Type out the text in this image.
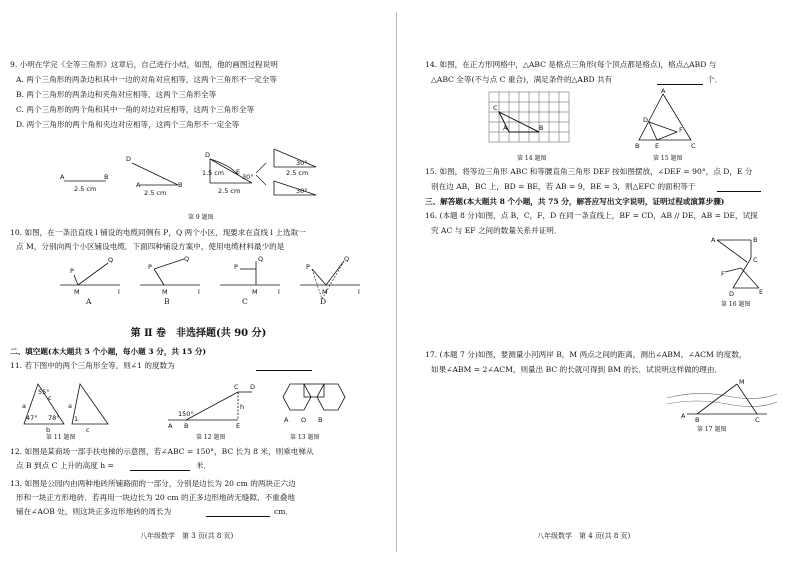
9. 小明在学完《全等三角形》这章后，自己进行小结，如图，他的画图过程说明
A. 两个三角形的两条边和其中一边的对角对应相等，这两个三角形不一定全等
B. 两个三角形的两条边和夹角对应相等，这两个三角形全等
C. 两个三角形的两个角和其中一角的对边对应相等，这两个三角形全等
D. 两个三角形的两个角和夹边对应相等，这两个三角形不一定全等
A	B
2.5 cm
D
A	B
2.5 cm
D
1.5 cm E
2.5 cm
30°	2.5 cm
30°
30°
第 9 题图
10. 如图，在一条沿直线 l 铺设的电缆同侧有 P，Q 两个小区，现要求在直线 l 上选取一
点 M，分别向两个小区铺设电缆．下面四种铺设方案中，使用电缆材料最少的是
P
Q
M	l
P
Q
M	l
P
Q
M	l
P
Q
M	l
A	B	C	D
第 Ⅱ 卷　非选择题(共 90 分)
二、填空题(本大题共 5 个小题，每小题 3 分，共 15 分)
11. 若下图中的两个三角形全等，则∠1 的度数为
a
b
c
55°
47° 78° 1
a
c
第 11 题图
A B
C D
E
h
150°
第 12 题图
A O B
第 13 题图
12. 如图是某商场一部手扶电梯的示意图，若∠ABC = 150°，BC 长为 8 米，则乘电梯从
点 B 到点 C 上升的高度 h =	米．
13. 如图是公园内由两种地砖所铺路面的一部分，分别是边长为 20 cm 的两块正六边
形和一块正方形地砖．若再用一块边长为 20 cm 的正多边形地砖无缝隙、不重叠地
铺在∠AOB 处，则这块正多边形地砖的周长为	cm．
八年级数学　第 3 页(共 8 页)
14. 如图，在正方形网格中，△ABC 是格点三角形(每个顶点都是格点)，格点△ABD 与
△ABC 全等(不与点 C 重合)，满足条件的△ABD 共有	个．
C
A	B
第 14 题图
A
B	C
D
E
F
第 15 题图
15. 如图，将等边三角形 ABC 和等腰直角三角形 DEF 按如图摆放，∠DEF = 90°，点 D，E 分
别在边 AB，BC 上，BD = BE，若 AB = 9，BE = 3，则△EFC 的面积等于
三、解答题(本大题共 8 个小题，共 75 分，解答应写出文字说明，证明过程或演算步骤)
16. (本题 8 分)如图，点 B，C，F，D 在同一条直线上，BF = CD，AB // DE，AB = DE，试探
究 AC 与 EF 之间的数量关系并证明．
A	B
C
F
D	E
第 16 题图
17. (本题 7 分)如图，要测量小河两岸 B，M 两点之间的距离，测出∠ABM，∠ACM 的度数，
如果∠ABM = 2∠ACM，则量出 BC 的长就可得到 BM 的长．试说明这样做的理由．
M
A B	C
第 17 题图
八年级数学　第 4 页(共 8 页)
